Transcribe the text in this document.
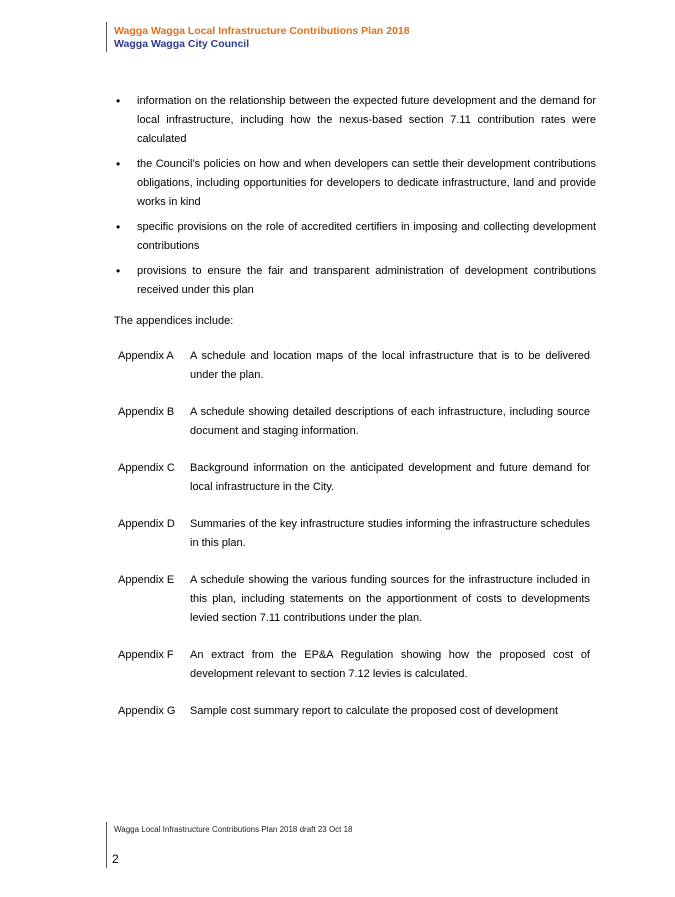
Wagga Wagga Local Infrastructure Contributions Plan 2018
Wagga Wagga City Council
• information on the relationship between the expected future development and the demand for local infrastructure, including how the nexus-based section 7.11 contribution rates were calculated
• the Council’s policies on how and when developers can settle their development contributions obligations, including opportunities for developers to dedicate infrastructure, land and provide works in kind
• specific provisions on the role of accredited certifiers in imposing and collecting development contributions
• provisions to ensure the fair and transparent administration of development contributions received under this plan
The appendices include:
Appendix A	A schedule and location maps of the local infrastructure that is to be delivered under the plan.
Appendix B	A schedule showing detailed descriptions of each infrastructure, including source document and staging information.
Appendix C	Background information on the anticipated development and future demand for local infrastructure in the City.
Appendix D	Summaries of the key infrastructure studies informing the infrastructure schedules in this plan.
Appendix E	A schedule showing the various funding sources for the infrastructure included in this plan, including statements on the apportionment of costs to developments levied section 7.11 contributions under the plan.
Appendix F	An extract from the EP&A Regulation showing how the proposed cost of development relevant to section 7.12 levies is calculated.
Appendix G	Sample cost summary report to calculate the proposed cost of development
Wagga Local Infrastructure Contributions Plan 2018 draft 23 Oct 18
2
